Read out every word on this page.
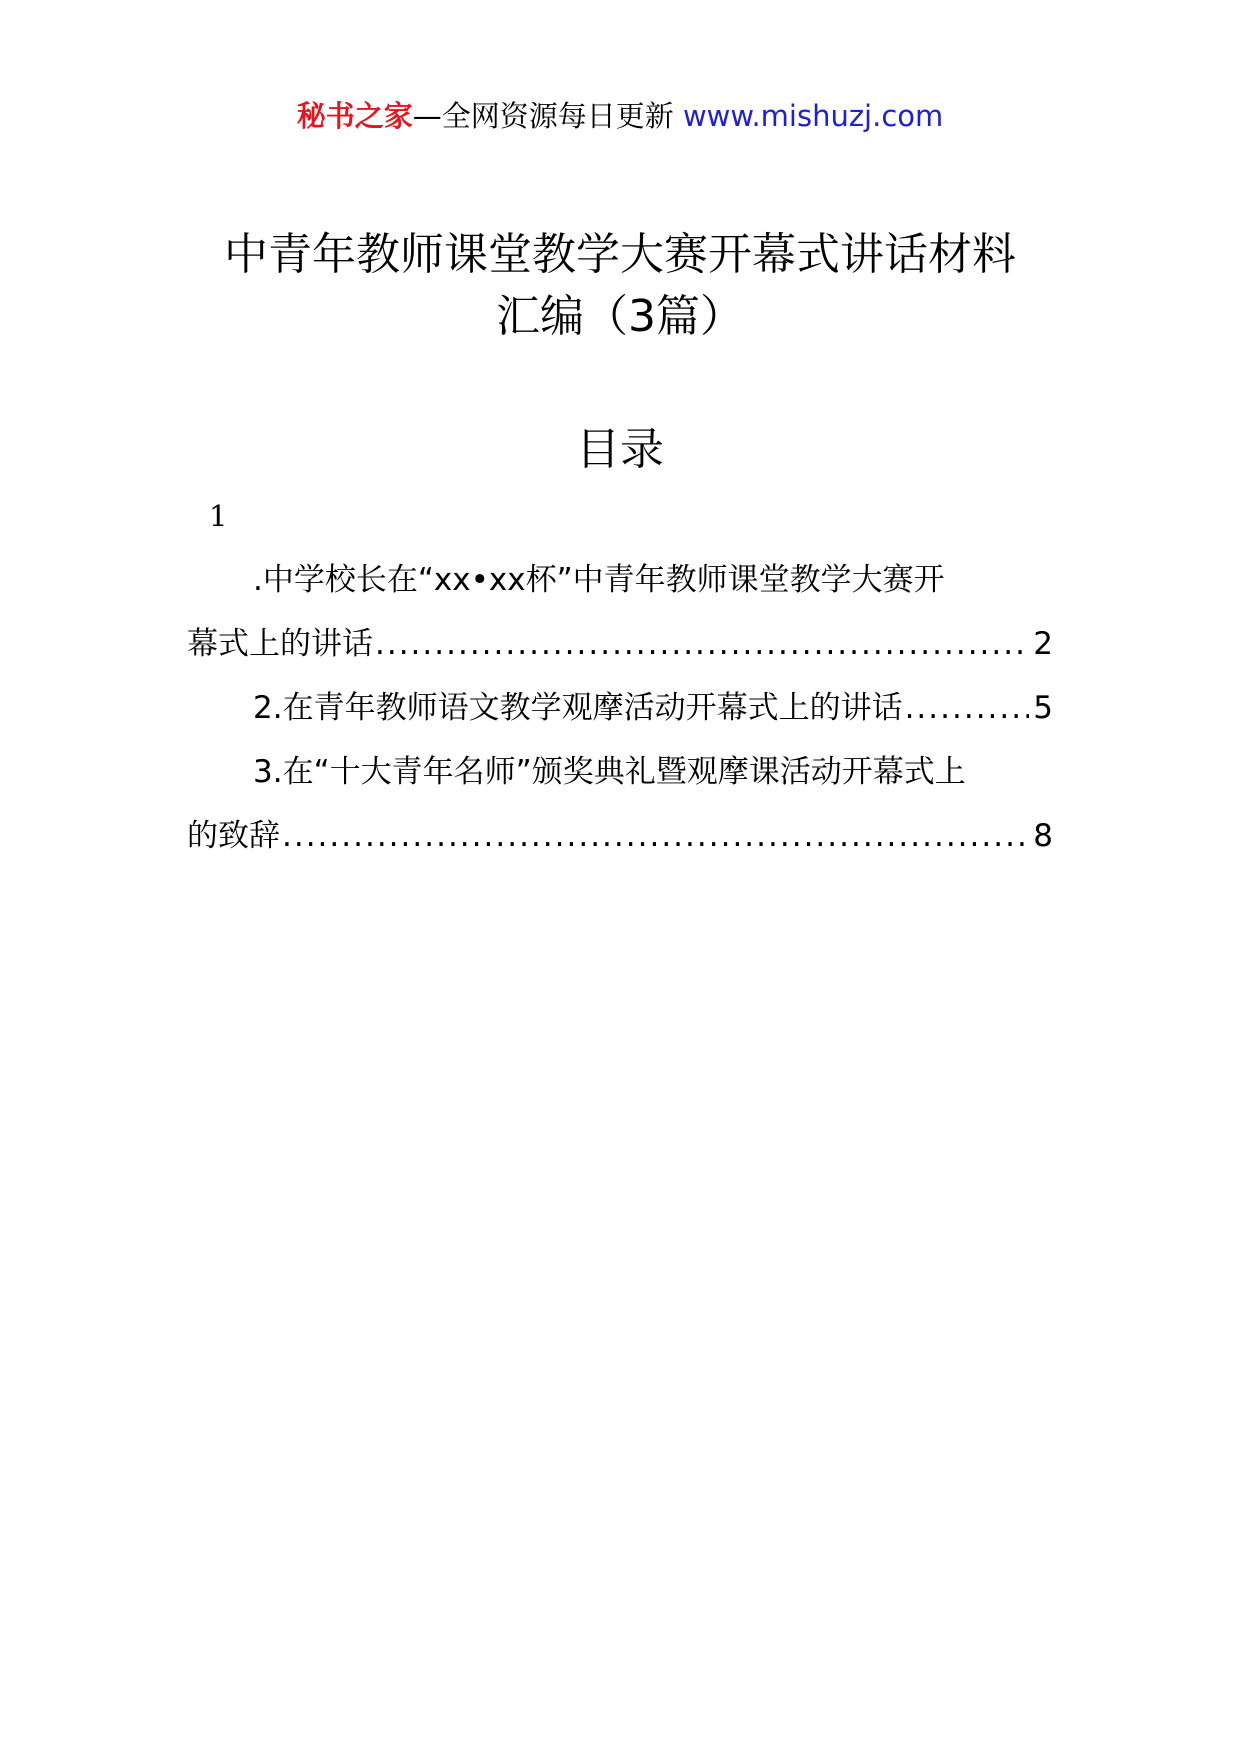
秘书之家—全网资源每日更新 www.mishuzj.com
中青年教师课堂教学大赛开幕式讲话材料
汇编（3篇）
目录
1
.中学校长在“xx•xx杯”中青年教师课堂教学大赛开
幕式上的讲话 .....	2
2.在青年教师语文教学观摩活动开幕式上的讲话 .....	5
3.在“十大青年名师”颁奖典礼暨观摩课活动开幕式上
的致辞 .....	8
